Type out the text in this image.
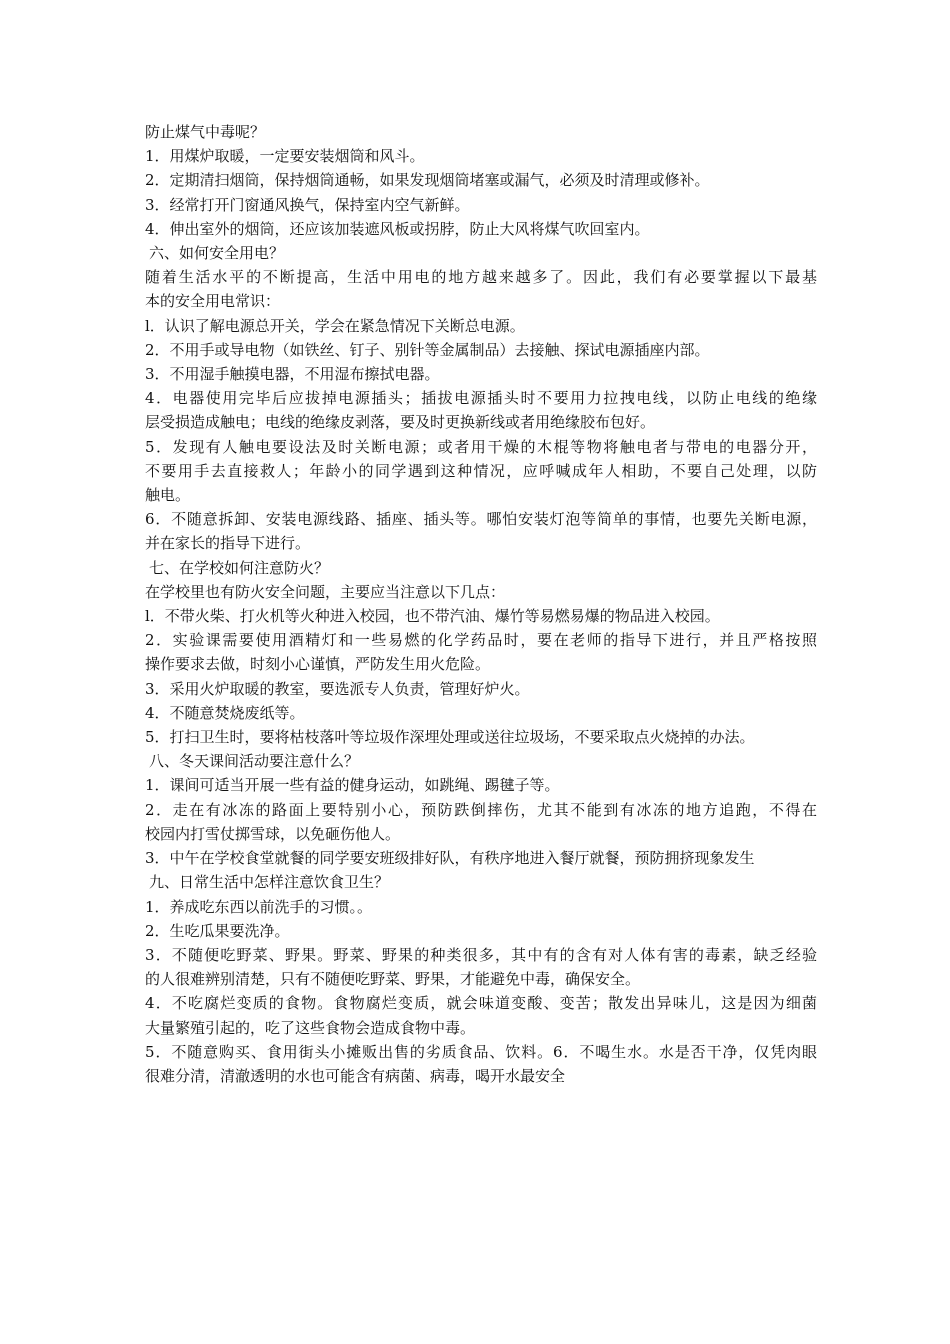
防止煤气中毒呢？
1．用煤炉取暖，一定要安装烟筒和风斗。
2．定期清扫烟筒，保持烟筒通畅，如果发现烟筒堵塞或漏气，必须及时清理或修补。
3．经常打开门窗通风换气，保持室内空气新鲜。
4．伸出室外的烟筒，还应该加装遮风板或拐脖，防止大风将煤气吹回室内。
六、如何安全用电？
随着生活水平的不断提高，生活中用电的地方越来越多了。因此，我们有必要掌握以下最基
本的安全用电常识：
l．认识了解电源总开关，学会在紧急情况下关断总电源。
2．不用手或导电物（如铁丝、钉子、别针等金属制品）去接触、探试电源插座内部。
3．不用湿手触摸电器，不用湿布擦拭电器。
4．电器使用完毕后应拔掉电源插头；插拔电源插头时不要用力拉拽电线，以防止电线的绝缘
层受损造成触电；电线的绝缘皮剥落，要及时更换新线或者用绝缘胶布包好。
5．发现有人触电要设法及时关断电源；或者用干燥的木棍等物将触电者与带电的电器分开，
不要用手去直接救人；年龄小的同学遇到这种情况，应呼喊成年人相助，不要自己处理，以防
触电。
6．不随意拆卸、安装电源线路、插座、插头等。哪怕安装灯泡等简单的事情，也要先关断电源，
并在家长的指导下进行。
七、在学校如何注意防火？
在学校里也有防火安全问题，主要应当注意以下几点：
l．不带火柴、打火机等火种进入校园，也不带汽油、爆竹等易燃易爆的物品进入校园。
2．实验课需要使用酒精灯和一些易燃的化学药品时，要在老师的指导下进行，并且严格按照
操作要求去做，时刻小心谨慎，严防发生用火危险。
3．采用火炉取暖的教室，要选派专人负责，管理好炉火。
4．不随意焚烧废纸等。
5．打扫卫生时，要将枯枝落叶等垃圾作深埋处理或送往垃圾场，不要采取点火烧掉的办法。
八、冬天课间活动要注意什么？
1．课间可适当开展一些有益的健身运动，如跳绳、踢毽子等。
2．走在有冰冻的路面上要特别小心，预防跌倒摔伤，尤其不能到有冰冻的地方追跑，不得在
校园内打雪仗掷雪球，以免砸伤他人。
3．中午在学校食堂就餐的同学要安班级排好队，有秩序地进入餐厅就餐，预防拥挤现象发生
九、日常生活中怎样注意饮食卫生？
1．养成吃东西以前洗手的习惯。。
2．生吃瓜果要洗净。
3．不随便吃野菜、野果。野菜、野果的种类很多，其中有的含有对人体有害的毒素，缺乏经验
的人很难辨别清楚，只有不随便吃野菜、野果，才能避免中毒，确保安全。
4．不吃腐烂变质的食物。食物腐烂变质，就会味道变酸、变苦；散发出异味儿，这是因为细菌
大量繁殖引起的，吃了这些食物会造成食物中毒。
5．不随意购买、食用街头小摊贩出售的劣质食品、饮料。6．不喝生水。水是否干净，仅凭肉眼
很难分清，清澈透明的水也可能含有病菌、病毒，喝开水最安全
